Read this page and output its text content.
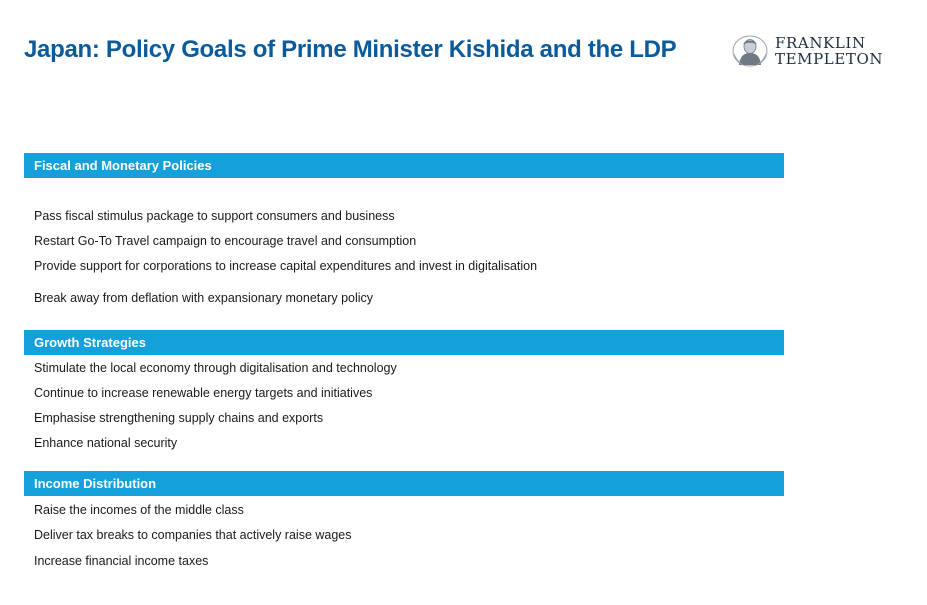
Japan: Policy Goals of Prime Minister Kishida and the LDP	FRANKLIN
TEMPLETON
Fiscal and Monetary Policies
Pass fiscal stimulus package to support consumers and business
Restart Go-To Travel campaign to encourage travel and consumption
Provide support for corporations to increase capital expenditures and invest in digitalisation
Break away from deflation with expansionary monetary policy
Growth Strategies
Stimulate the local economy through digitalisation and technology
Continue to increase renewable energy targets and initiatives
Emphasise strengthening supply chains and exports
Enhance national security
Income Distribution
Raise the incomes of the middle class
Deliver tax breaks to companies that actively raise wages
Increase financial income taxes
